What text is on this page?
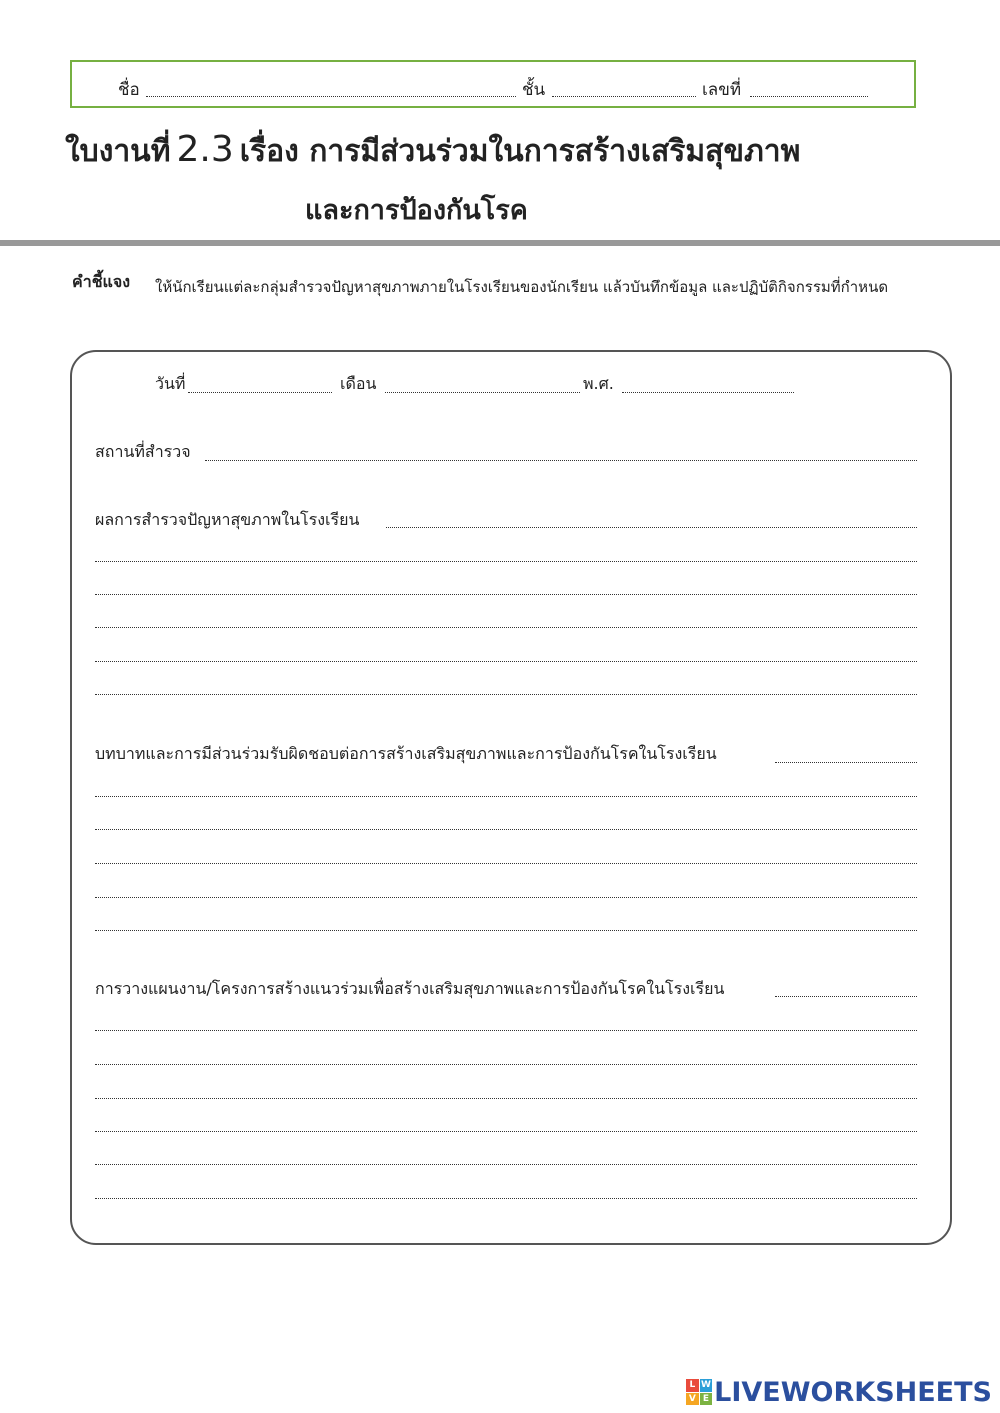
ชื่อ	ชั้น	เลขที่
ใบงานที่ 2.3 เรื่อง การมีส่วนร่วมในการสร้างเสริมสุขภาพ
และการป้องกันโรค
คำชี้แจง ให้นักเรียนแต่ละกลุ่มสำรวจปัญหาสุขภาพภายในโรงเรียนของนักเรียน แล้วบันทึกข้อมูล และปฏิบัติกิจกรรมที่กำหนด
วันที่	เดือน	พ.ศ.
สถานที่สำรวจ
ผลการสำรวจปัญหาสุขภาพในโรงเรียน
บทบาทและการมีส่วนร่วมรับผิดชอบต่อการสร้างเสริมสุขภาพและการป้องกันโรคในโรงเรียน
การวางแผนงาน/โครงการสร้างแนวร่วมเพื่อสร้างเสริมสุขภาพและการป้องกันโรคในโรงเรียน
L W
V E LIVEWORKSHEETS
